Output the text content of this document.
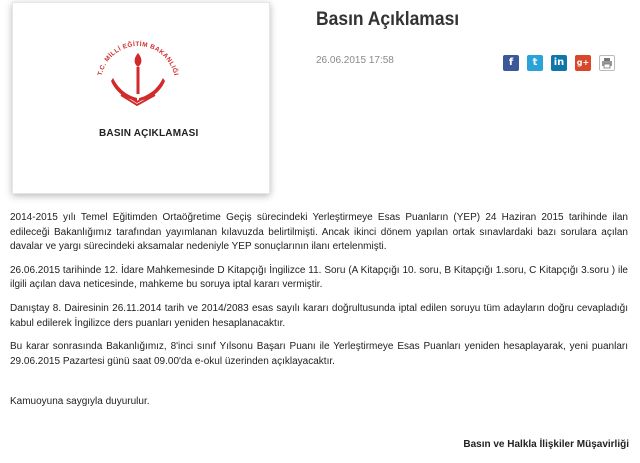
T.C. MİLLİ EĞİTİM BAKANLIĞI
BASIN AÇIKLAMASI
Basın Açıklaması
26.06.2015 17:58	f	t	in	g+

2014-2015 yılı Temel Eğitimden Ortaöğretime Geçiş sürecindeki Yerleştirmeye Esas Puanların (YEP) 24 Haziran 2015 tarihinde ilan edileceği Bakanlığımız tarafından yayımlanan kılavuzda belirtilmişti. Ancak ikinci dönem yapılan ortak sınavlardaki bazı sorulara açılan davalar ve yargı sürecindeki aksamalar nedeniyle YEP sonuçlarının ilanı ertelenmişti.

26.06.2015 tarihinde 12. İdare Mahkemesinde D Kitapçığı İngilizce 11. Soru (A Kitapçığı 10. soru, B Kitapçığı 1.soru, C Kitapçığı 3.soru ) ile ilgili açılan dava neticesinde, mahkeme bu soruya iptal kararı vermiştir.

Danıştay 8. Dairesinin 26.11.2014 tarih ve 2014/2083 esas sayılı kararı doğrultusunda iptal edilen soruyu tüm adayların doğru cevapladığı kabul edilerek İngilizce ders puanları yeniden hesaplanacaktır.

Bu karar sonrasında Bakanlığımız, 8'inci sınıf Yılsonu Başarı Puanı ile Yerleştirmeye Esas Puanları yeniden hesaplayarak, yeni puanları 29.06.2015 Pazartesi günü saat 09.00'da e-okul üzerinden açıklayacaktır.

Kamuoyuna saygıyla duyurulur.

Basın ve Halkla İlişkiler Müşavirliği
